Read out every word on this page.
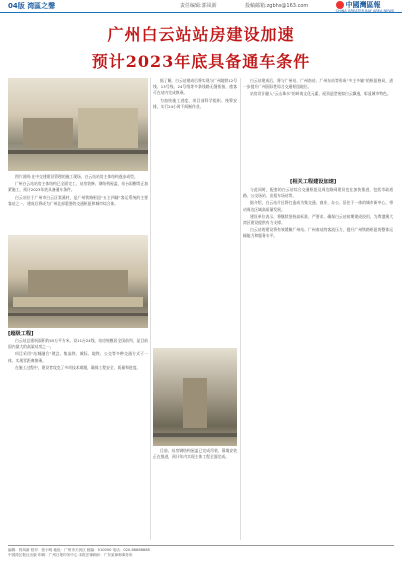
04版 湾區之聲	责任编辑:郭凤新	投稿邮箱:zgbhs@163.com	中國灣區報
CHINA GREATER BAY AREA NEWS
广州白云站站房建设加速
预计2023年底具备通车条件

图片说明:在中交建建设管理的施工现场，白云站站房主体结构逐步成型。

广州白云站站房主体结构已全面完工，站房装修、钢结构屋盖、站台雨棚等正加紧施工，预计2023年底具备通车条件。

白云站位于广州市白云区棠溪村，是广州铁路枢纽“五主四辅”客运系统的主要客站之一，建成后将成为广州北部重要的交通枢纽和城市综合体。

[超级工程]

白云站总建筑面积约45万平方米，设11台24线，站房规模居全国前列，是目前国内最大的高架站房之一。

项目采用“站城融合”理念，集高铁、城际、地铁、公交等多种交通方式于一体，实现零距离换乘。

在施工过程中，建设者攻克了多项技术难题，确保工程安全、质量和进度。

据了解，白云站建成后将实现与广州地铁12号线、13号线、24号线等多条线路无缝衔接，旅客可在站内完成换乘。

为加快施工进度，项目部科学组织、统筹安排，实行24小时不间断作业。

目前，站房钢结构屋盖已完成吊装，幕墙安装正在推进，预计年内实现主体工程全面完成。

白云站建成后，将与广州站、广州南站、广州东站等形成“多主多辅”的枢纽格局，进一步提升广州国际性综合交通枢纽地位。

站房设计融入“云山珠水”的岭南文化元素，屋顶造型宛如白云飘逸，彰显城市特色。

[相关工程建设加速]

与此同时，配套的白云站综合交通枢纽及周边路网建设也在加快推进，包括市政道路、公交场站、出租车场站等。

据介绍，白云站片区将打造成为集交通、商业、办公、居住于一体的城市新中心，带动周边区域高质量发展。

建设单位表示，将继续坚持高标准、严要求，确保白云站按期建成投用，为粤港澳大湾区建设提供有力支撑。

白云站的建设将有效缓解广州站、广州南站的客流压力，提升广州铁路枢纽的整体运输能力和服务水平。

编辑：郭凤新 校对：张小明 地址：广州市天河区 邮编：510000 电话：020-88888888
中国湾区报社出版 印刷：广州日报印务中心 本报法律顾问：广东某律师事务所
